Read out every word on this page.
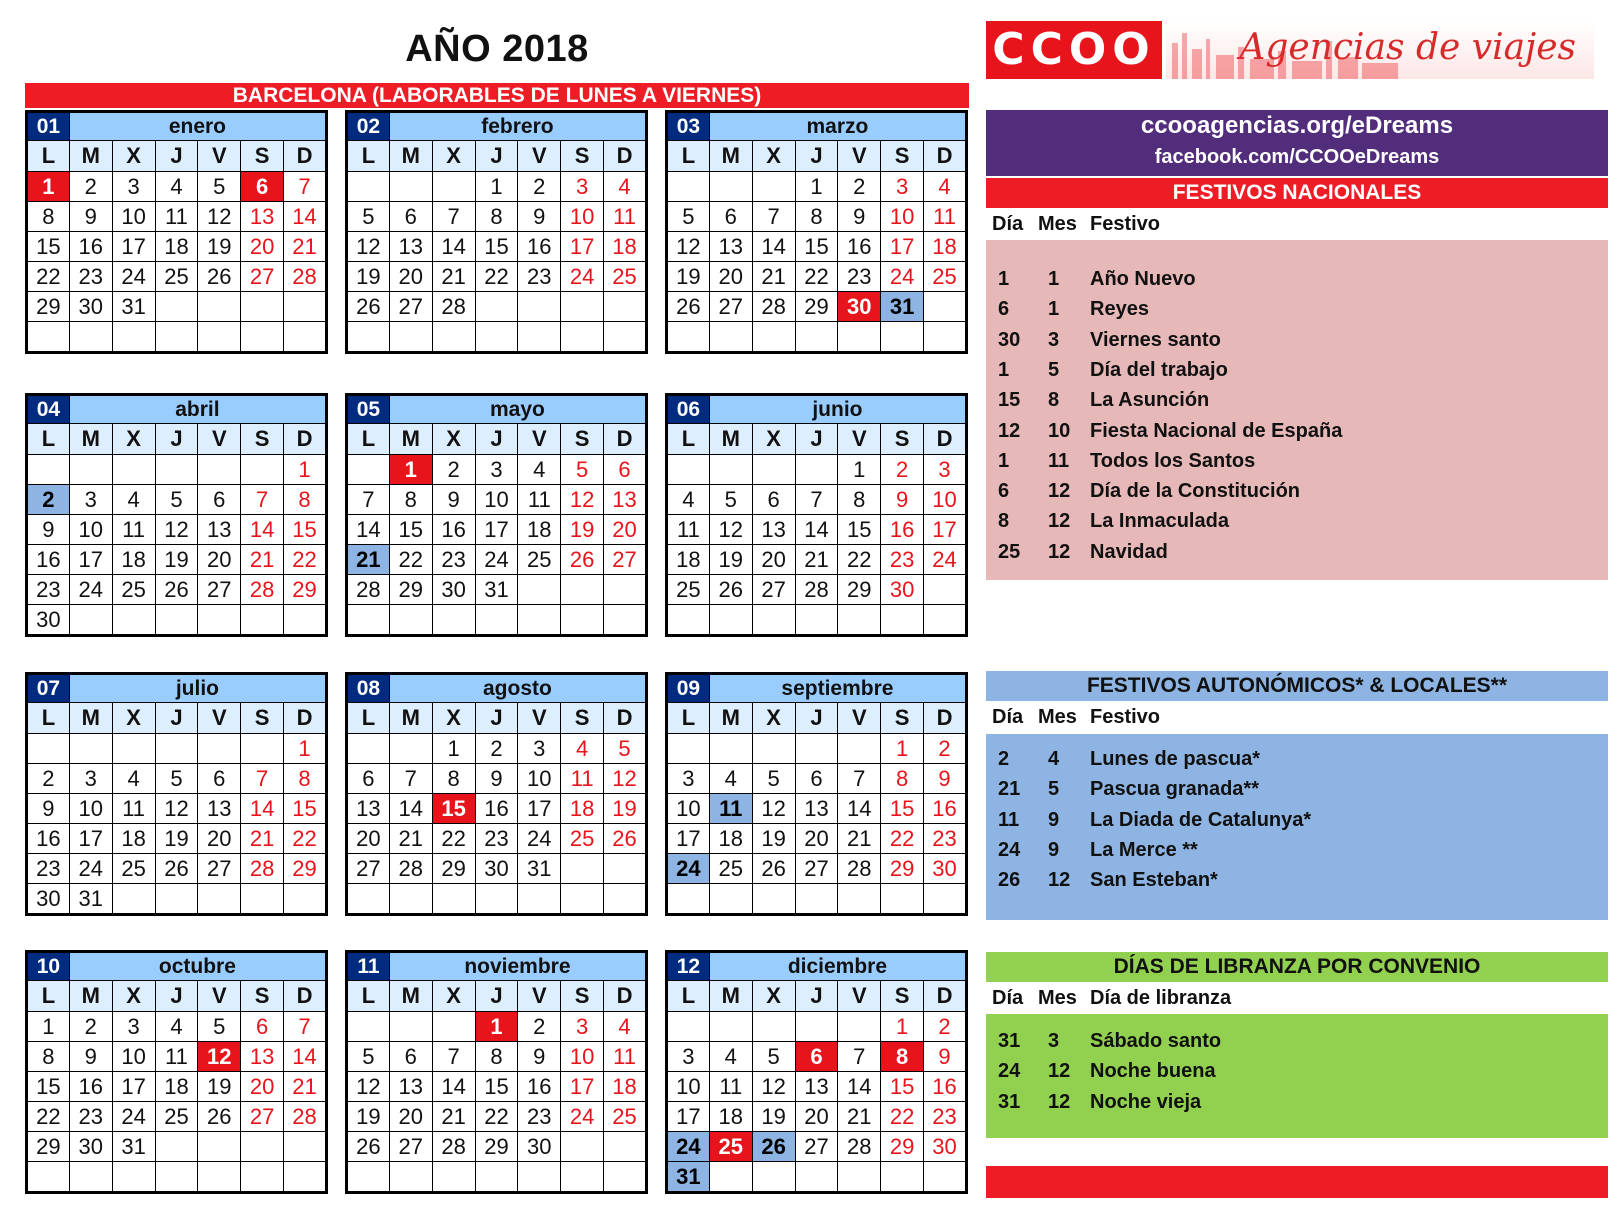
AÑO 2018
BARCELONA (LABORABLES DE LUNES A VIERNES)
01	enero					
L	M	X	J	V	S	D
1	2	3	4	5	6	7
8	9	10	11	12	13	14
15	16	17	18	19	20	21
22	23	24	25	26	27	28
29	30	31				

02	febrero					
L	M	X	J	V	S	D
			1	2	3	4
5	6	7	8	9	10	11
12	13	14	15	16	17	18
19	20	21	22	23	24	25
26	27	28				

03	marzo					
L	M	X	J	V	S	D
			1	2	3	4
5	6	7	8	9	10	11
12	13	14	15	16	17	18
19	20	21	22	23	24	25
26	27	28	29	30	31	

04	abril					
L	M	X	J	V	S	D
						1
2	3	4	5	6	7	8
9	10	11	12	13	14	15
16	17	18	19	20	21	22
23	24	25	26	27	28	29
30						
05	mayo					
L	M	X	J	V	S	D
	1	2	3	4	5	6
7	8	9	10	11	12	13
14	15	16	17	18	19	20
21	22	23	24	25	26	27
28	29	30	31			

06	junio					
L	M	X	J	V	S	D
				1	2	3
4	5	6	7	8	9	10
11	12	13	14	15	16	17
18	19	20	21	22	23	24
25	26	27	28	29	30	

07	julio					
L	M	X	J	V	S	D
						1
2	3	4	5	6	7	8
9	10	11	12	13	14	15
16	17	18	19	20	21	22
23	24	25	26	27	28	29
30	31					
08	agosto					
L	M	X	J	V	S	D
		1	2	3	4	5
6	7	8	9	10	11	12
13	14	15	16	17	18	19
20	21	22	23	24	25	26
27	28	29	30	31		

09	septiembre					
L	M	X	J	V	S	D
					1	2
3	4	5	6	7	8	9
10	11	12	13	14	15	16
17	18	19	20	21	22	23
24	25	26	27	28	29	30

10	octubre					
L	M	X	J	V	S	D
1	2	3	4	5	6	7
8	9	10	11	12	13	14
15	16	17	18	19	20	21
22	23	24	25	26	27	28
29	30	31				

11	noviembre					
L	M	X	J	V	S	D
			1	2	3	4
5	6	7	8	9	10	11
12	13	14	15	16	17	18
19	20	21	22	23	24	25
26	27	28	29	30		

12	diciembre					
L	M	X	J	V	S	D
					1	2
3	4	5	6	7	8	9
10	11	12	13	14	15	16
17	18	19	20	21	22	23
24	25	26	27	28	29	30
31						
CCOO Agencias de viajes
ccooagencias.org/eDreams
facebook.com/CCOOeDreams
FESTIVOS NACIONALES
Día Mes Festivo
1 1 Año Nuevo
6 1 Reyes
30 3 Viernes santo
1 5 Día del trabajo
15 8 La Asunción
12 10 Fiesta Nacional de España
1 11 Todos los Santos
6 12 Día de la Constitución
8 12 La Inmaculada
25 12 Navidad
FESTIVOS AUTONÓMICOS* & LOCALES**
Día Mes Festivo
2 4 Lunes de pascua*
21 5 Pascua granada**
11 9 La Diada de Catalunya*
24 9 La Merce **
26 12 San Esteban*
DÍAS DE LIBRANZA POR CONVENIO
Día Mes Día de libranza
31 3 Sábado santo
24 12 Noche buena
31 12 Noche vieja
